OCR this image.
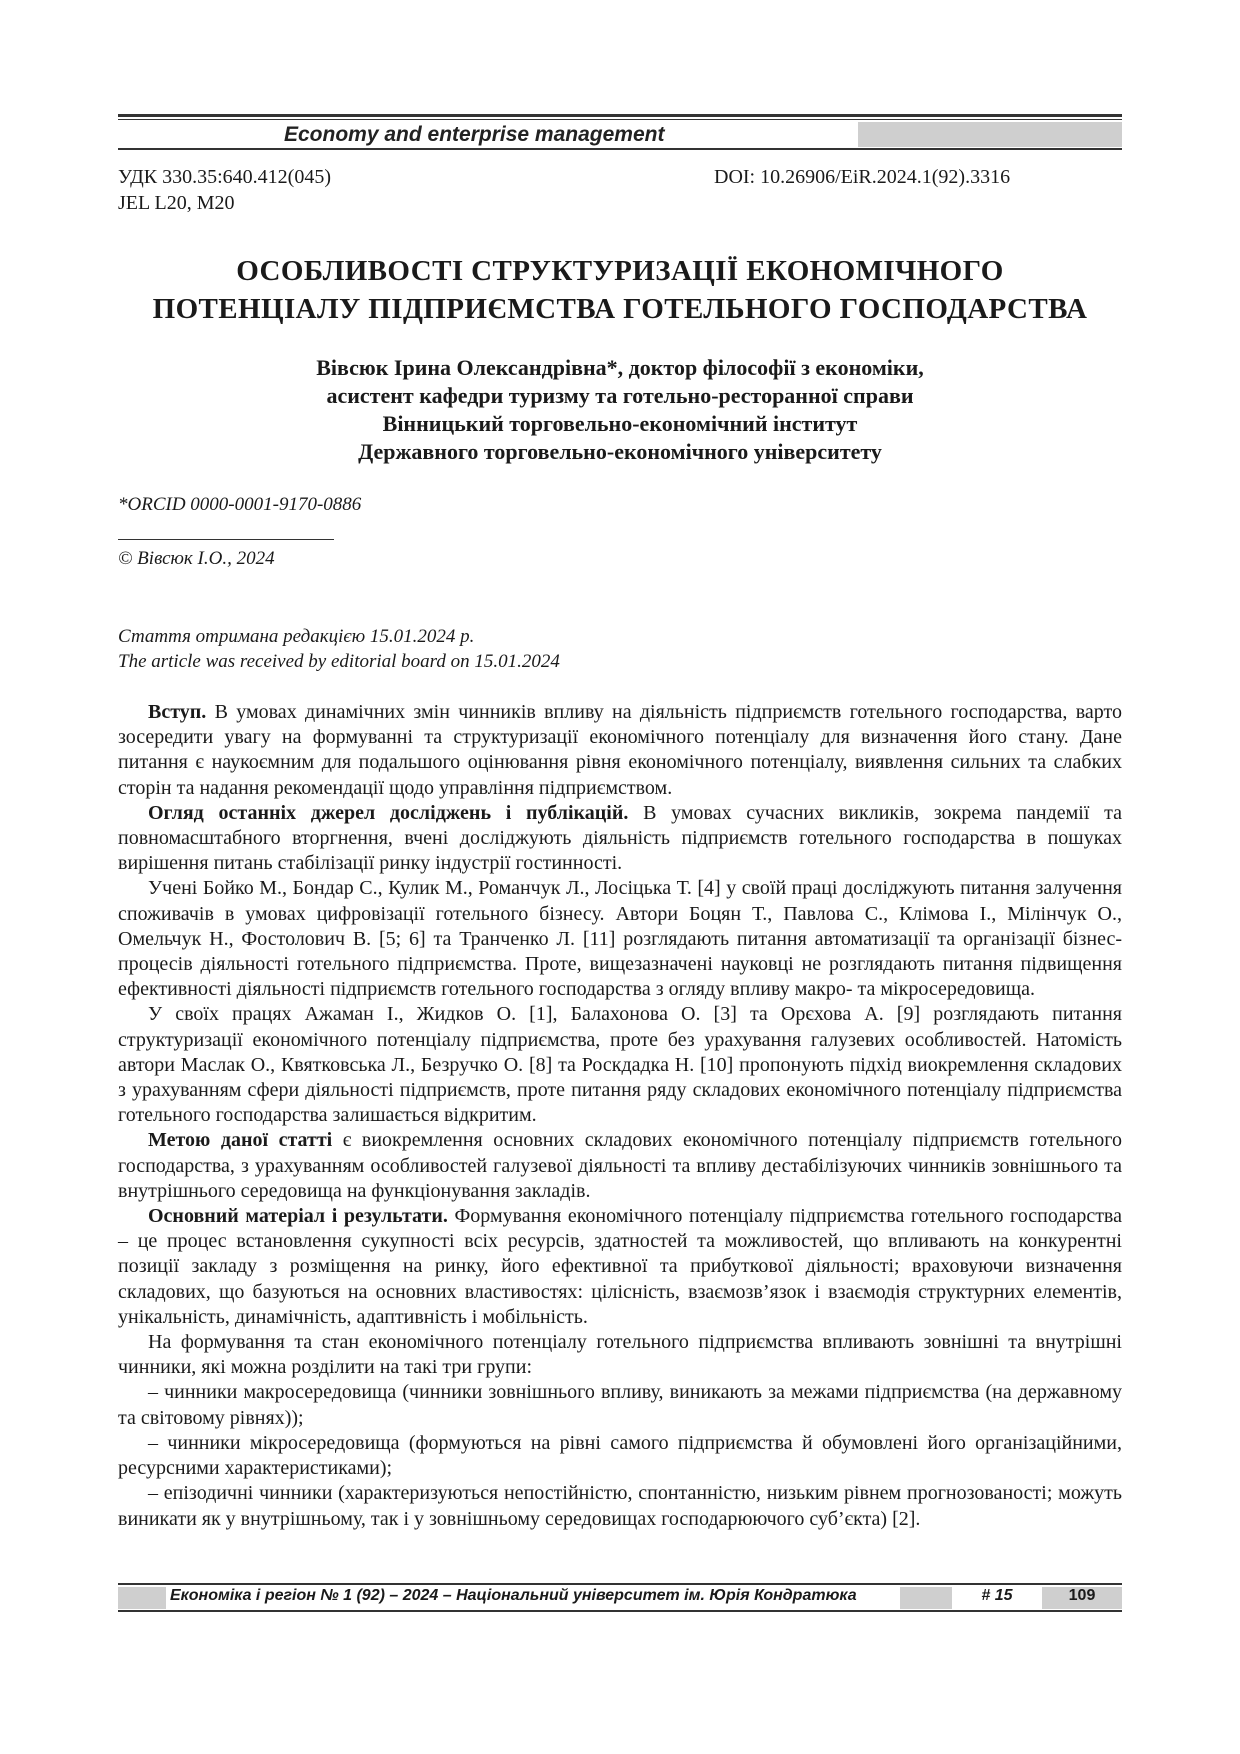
Economy and enterprise management
УДК 330.35:640.412(045)
JEL L20, M20
DOI: 10.26906/EiR.2024.1(92).3316
ОСОБЛИВОСТІ СТРУКТУРИЗАЦІЇ ЕКОНОМІЧНОГО
ПОТЕНЦІАЛУ ПІДПРИЄМСТВА ГОТЕЛЬНОГО ГОСПОДАРСТВА
Вівсюк Ірина Олександрівна*, доктор філософії з економіки,
асистент кафедри туризму та готельно-ресторанної справи
Вінницький торговельно-економічний інститут
Державного торговельно-економічного університету
*ORCID 0000-0001-9170-0886
© Вівсюк І.О., 2024
Стаття отримана редакцією 15.01.2024 р.
The article was received by editorial board on 15.01.2024

Вступ. В умовах динамічних змін чинників впливу на діяльність підприємств готельного господарства, варто зосередити увагу на формуванні та структуризації економічного потенціалу для визначення його стану. Дане питання є наукоємним для подальшого оцінювання рівня економічного потенціалу, виявлення сильних та слабких сторін та надання рекомендації щодо управління підприємством.

Огляд останніх джерел досліджень і публікацій. В умовах сучасних викликів, зокрема пандемії та повномасштабного вторгнення, вчені досліджують діяльність підприємств готельного господарства в пошуках вирішення питань стабілізації ринку індустрії гостинності.

Учені Бойко М., Бондар С., Кулик М., Романчук Л., Лосіцька Т. [4] у своїй праці досліджують питання залучення споживачів в умовах цифровізації готельного бізнесу. Автори Боцян Т., Павлова С., Клімова І., Мілінчук О., Омельчук Н., Фостолович В. [5; 6] та Транченко Л. [11] розглядають питання автоматизації та організації бізнес-процесів діяльності готельного підприємства. Проте, вищезазначені науковці не розглядають питання підвищення ефективності діяльності підприємств готельного господарства з огляду впливу макро- та мікросередовища.

У своїх працях Ажаман І., Жидков О. [1], Балахонова О. [3] та Орєхова А. [9] розглядають питання структуризації економічного потенціалу підприємства, проте без урахування галузевих особливостей. Натомість автори Маслак О., Квятковська Л., Безручко О. [8] та Роскдадка Н. [10] пропонують підхід виокремлення складових з урахуванням сфери діяльності підприємств, проте питання ряду складових економічного потенціалу підприємства готельного господарства залишається відкритим.

Метою даної статті є виокремлення основних складових економічного потенціалу підприємств готельного господарства, з урахуванням особливостей галузевої діяльності та впливу дестабілізуючих чинників зовнішнього та внутрішнього середовища на функціонування закладів.

Основний матеріал і результати. Формування економічного потенціалу підприємства готельного господарства – це процес встановлення сукупності всіх ресурсів, здатностей та можливостей, що впливають на конкурентні позиції закладу з розміщення на ринку, його ефективної та прибуткової діяльності; враховуючи визначення складових, що базуються на основних властивостях: цілісність, взаємозв’язок і взаємодія структурних елементів, унікальність, динамічність, адаптивність і мобільність.

На формування та стан економічного потенціалу готельного підприємства впливають зовнішні та внутрішні чинники, які можна розділити на такі три групи:

– чинники макросередовища (чинники зовнішнього впливу, виникають за межами підприємства (на державному та світовому рівнях));

– чинники мікросередовища (формуються на рівні самого підприємства й обумовлені його організаційними, ресурсними характеристиками);

– епізодичні чинники (характеризуються непостійністю, спонтанністю, низьким рівнем прогнозованості; можуть виникати як у внутрішньому, так і у зовнішньому середовищах господарюючого суб’єкта) [2].

Економіка і регіон № 1 (92) – 2024 – Національний університет ім. Юрія Кондратюка	# 15	109
